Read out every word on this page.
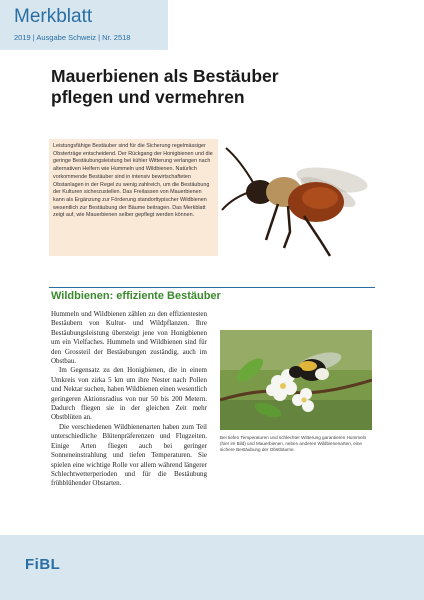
Merkblatt
2019 | Ausgabe Schweiz | Nr. 2518
Mauerbienen als Bestäuber
pflegen und vermehren

Leistungsfähige Bestäuber sind für die Sicherung regelmässiger Obsterträge entscheidend. Der Rückgang der Honigbienen und die geringe Bestäubungsleistung bei kühler Witterung verlangen nach alternativen Helfern wie Hummeln und Wildbienen. Natürlich vorkommende Bestäuber sind in intensiv bewirtschafteten Obstanlagen in der Regel zu wenig zahlreich, um die Bestäubung der Kulturen sicherzustellen. Das Freilassen von Mauerbienen kann als Ergänzung zur Förderung standorttypischer Wildbienen wesentlich zur Bestäubung der Bäume beitragen. Das Merkblatt zeigt auf, wie Mauerbienen selber gepflegt werden können.

Wildbienen: effiziente Bestäuber

Hummeln und Wildbienen zählen zu den effizientesten Bestäubern von Kultur- und Wildpflanzen. Ihre Bestäubungsleistung übersteigt jene von Honigbienen um ein Vielfaches. Hummeln und Wildbienen sind für den Grossteil der Bestäubungen zuständig, auch im Obstbau.

Im Gegensatz zu den Honigbienen, die in einem Umkreis von zirka 5 km um ihre Nester nach Pollen und Nektar suchen, haben Wildbienen einen wesentlich geringeren Aktionsradius von nur 50 bis 200 Metern. Dadurch fliegen sie in der gleichen Zeit mehr Obstblüten an.

Die verschiedenen Wildbienenarten haben zum Teil unterschiedliche Blütenpräferenzen und Flugzeiten. Einige Arten fliegen auch bei geringer Sonneneinstrahlung und tiefen Temperaturen. Sie spielen eine wichtige Rolle vor allem während längerer Schlechtwetterperioden und für die Bestäubung frühblühender Obstarten.

Bei tiefen Temperaturen und schlechter Witterung garantieren Hummeln (hier im Bild) und Mauerbienen, neben anderen Wildbienenarten, eine sichere Bestäubung der Obstbäume.

FiBL
